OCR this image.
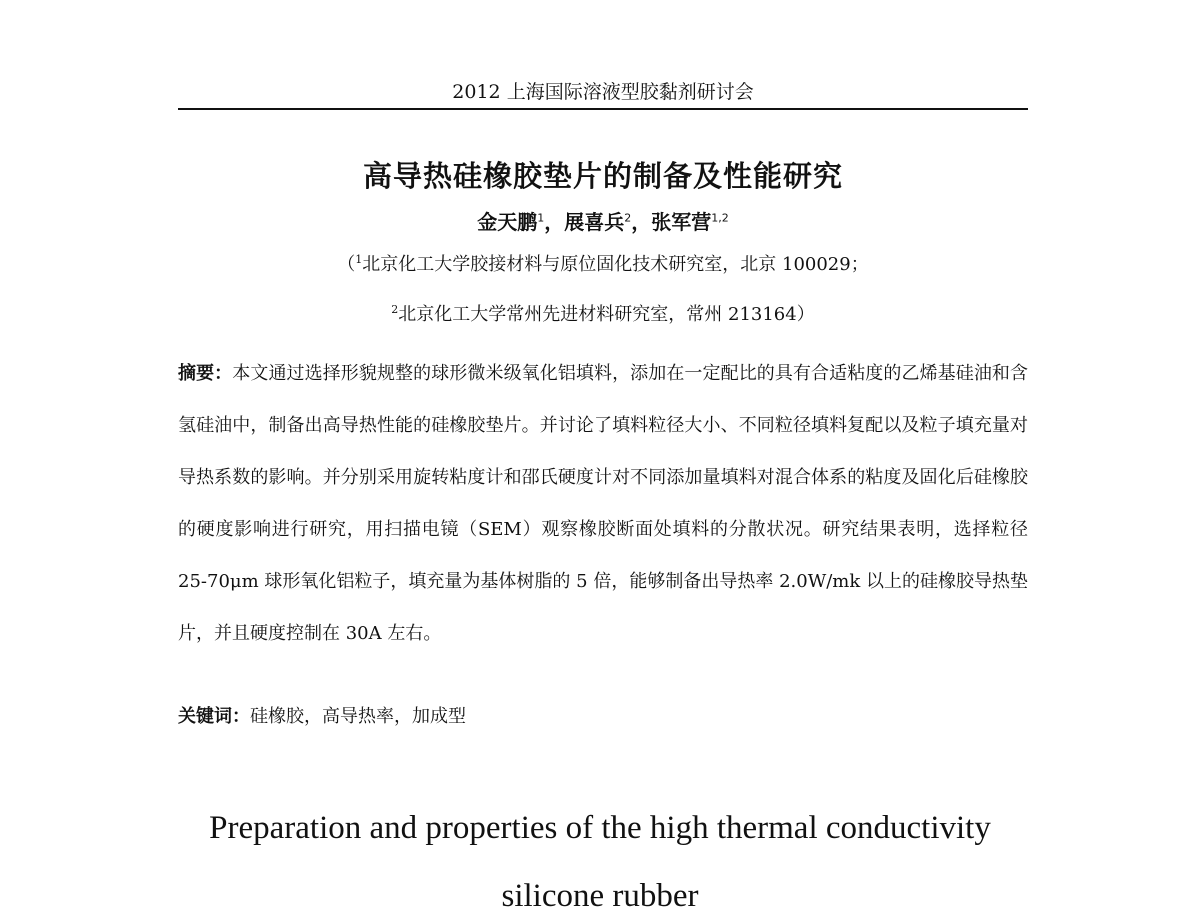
2012 上海国际溶液型胶黏剂研讨会
高导热硅橡胶垫片的制备及性能研究
金天鹏$^1$，展喜兵$^2$，张军营$^{1,2}$
（$^1$北京化工大学胶接材料与原位固化技术研究室，北京 100029；
$^2$北京化工大学常州先进材料研究室，常州 213164）

摘要：本文通过选择形貌规整的球形微米级氧化铝填料，添加在一定配比的具有合适粘度的乙烯基硅油和含氢硅油中，制备出高导热性能的硅橡胶垫片。并讨论了填料粒径大小、不同粒径填料复配以及粒子填充量对导热系数的影响。并分别采用旋转粘度计和邵氏硬度计对不同添加量填料对混合体系的粘度及固化后硅橡胶的硬度影响进行研究，用扫描电镜（SEM）观察橡胶断面处填料的分散状况。研究结果表明，选择粒径 25-70μm 球形氧化铝粒子，填充量为基体树脂的 5 倍，能够制备出导热率 2.0W/mk 以上的硅橡胶导热垫片，并且硬度控制在 30A 左右。

关键词：硅橡胶，高导热率，加成型
Preparation and properties of the high thermal conductivity
silicone rubber
